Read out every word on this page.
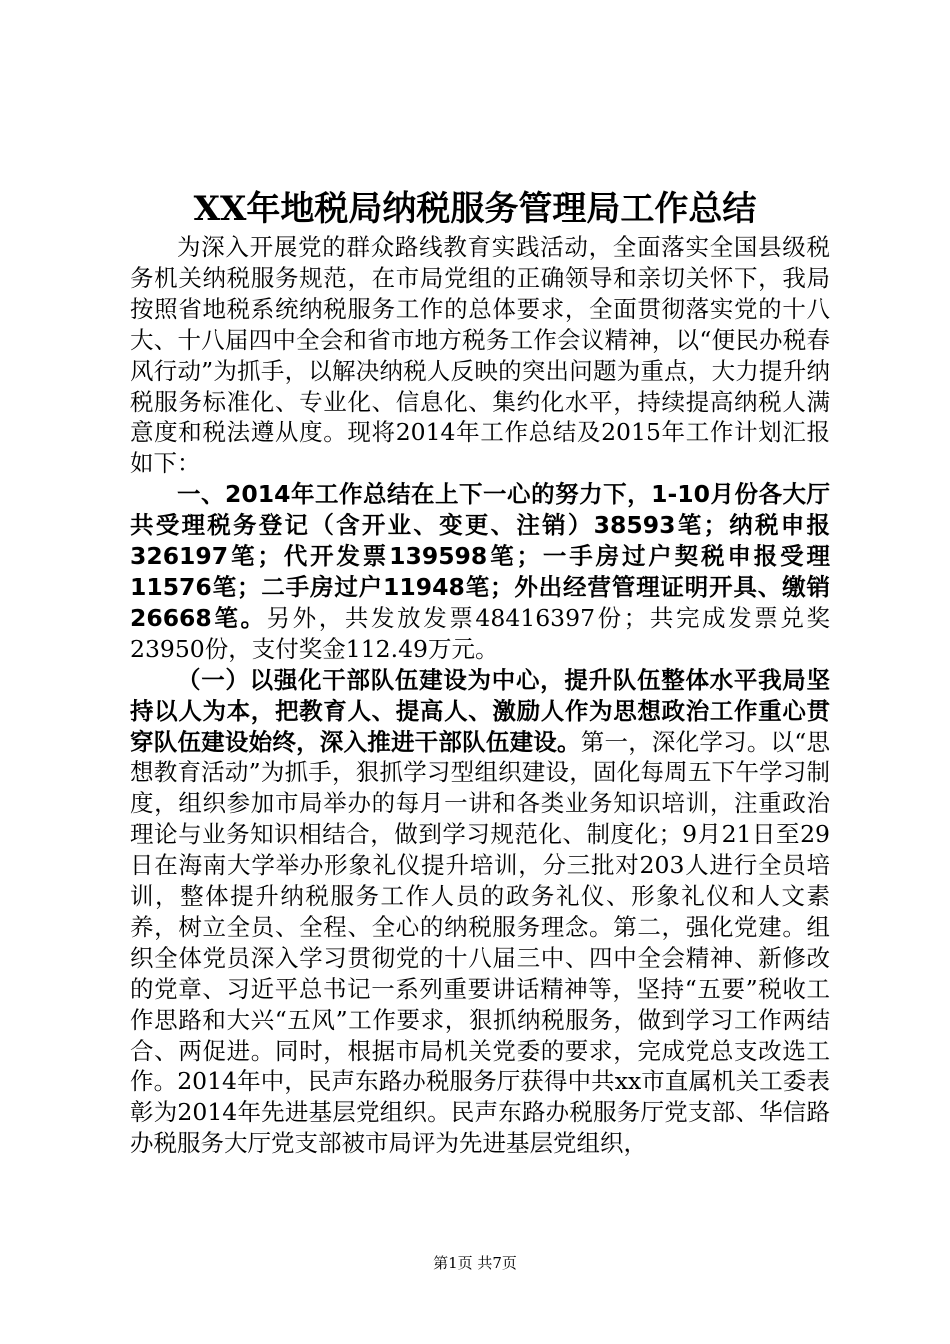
XX年地税局纳税服务管理局工作总结

为深入开展党的群众路线教育实践活动，全面落实全国县级税务机关纳税服务规范，在市局党组的正确领导和亲切关怀下，我局按照省地税系统纳税服务工作的总体要求，全面贯彻落实党的十八大、十八届四中全会和省市地方税务工作会议精神，以“便民办税春风行动”为抓手，以解决纳税人反映的突出问题为重点，大力提升纳税服务标准化、专业化、信息化、集约化水平，持续提高纳税人满意度和税法遵从度。现将2014年工作总结及2015年工作计划汇报如下：

一、2014年工作总结在上下一心的努力下，1-10月份各大厅共受理税务登记（含开业、变更、注销）38593笔；纳税申报326197笔；代开发票139598笔；一手房过户契税申报受理11576笔；二手房过户11948笔；外出经营管理证明开具、缴销26668笔。另外，共发放发票48416397份；共完成发票兑奖23950份，支付奖金112.49万元。

（一）以强化干部队伍建设为中心，提升队伍整体水平我局坚持以人为本，把教育人、提高人、激励人作为思想政治工作重心贯穿队伍建设始终，深入推进干部队伍建设。第一，深化学习。以“思想教育活动”为抓手，狠抓学习型组织建设，固化每周五下午学习制度，组织参加市局举办的每月一讲和各类业务知识培训，注重政治理论与业务知识相结合，做到学习规范化、制度化；9月21日至29日在海南大学举办形象礼仪提升培训，分三批对203人进行全员培训，整体提升纳税服务工作人员的政务礼仪、形象礼仪和人文素养，树立全员、全程、全心的纳税服务理念。第二，强化党建。组织全体党员深入学习贯彻党的十八届三中、四中全会精神、新修改的党章、习近平总书记一系列重要讲话精神等，坚持“五要”税收工作思路和大兴“五风”工作要求，狠抓纳税服务，做到学习工作两结合、两促进。同时，根据市局机关党委的要求，完成党总支改选工作。2014年中，民声东路办税服务厅获得中共xx市直属机关工委表彰为2014年先进基层党组织。民声东路办税服务厅党支部、华信路办税服务大厅党支部被市局评为先进基层党组织，

第1页 共7页
